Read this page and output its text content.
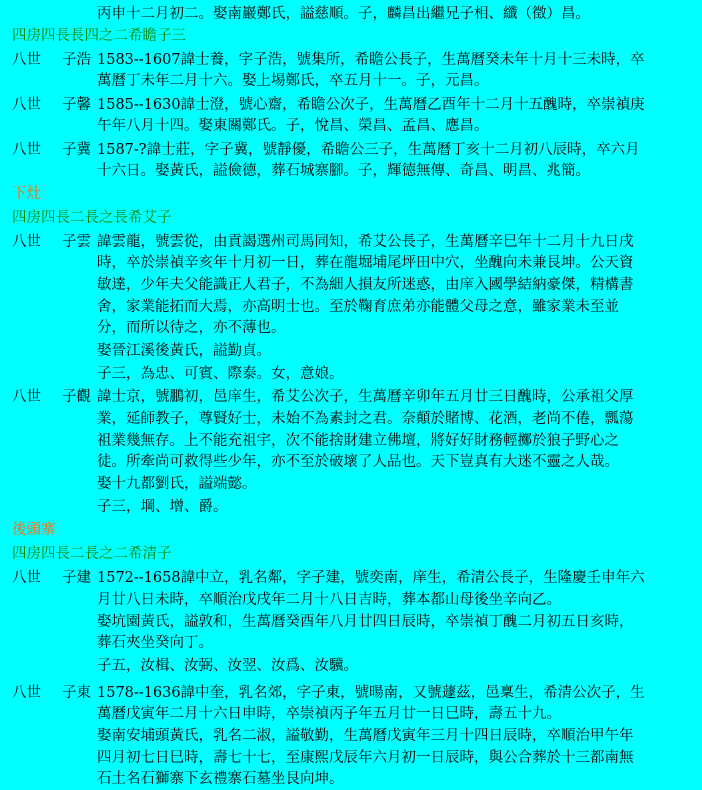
丙申十二月初二。娶南巖鄭氏，謚慈順。子，麟昌出繼兄子相、纖（徵）昌。
四房四長長四之二希瞻子三
八世 子浩 1583--1607諱士養，字子浩，號集所，希瞻公長子，生萬曆癸未年十月十三未時，卒
萬曆丁未年二月十六。娶上埸鄭氏，卒五月十一。子，元昌。
八世 子馨 1585--1630諱士澄，號心齋，希瞻公次子，生萬曆乙酉年十二月十五醜時，卒崇禎庚
午年八月十四。娶東關鄭氏。子，悅昌、榮昌、孟昌、應昌。
八世 子冀 1587-?諱士莊，字子冀，號靜優，希瞻公三子，生萬曆丁亥十二月初八辰時，卒六月
十六日。娶黃氏，謚儉德，葬石城寨腳。子，輝德無傳、奇昌、明昌、兆簡。
下灶
四房四長二長之長希艾子
八世 子雲 諱雲龍，號雲從，由貢謁選州司馬同知，希艾公長子，生萬曆辛巳年十二月十九日戌
時，卒於崇禎辛亥年十月初一日，葬在龍堀埔尾坪田中穴，坐醜向未兼艮坤。公天資
敏達，少年夫父能識正人君子，不為細人損友所迷惑，由庠入國學結納豪傑，精構書
舍，家業能拓而大焉，亦高明士也。至於鞠育庶弟亦能體父母之意，雖家業未至並
分，而所以待之，亦不薄也。
娶晉江溪後黃氏，謚勤貞。
子三，為忠、可賓、際泰。女，意娘。
八世 子觀 諱士京，號鵬初，邑庠生，希艾公次子，生萬曆辛卯年五月廿三日醜時，公承祖父厚
業，延師教子，尊賢好士，未始不為素封之君。奈顛於賭博、花酒，老尚不倦，瓢蕩
祖業幾無存。上不能充祖宇，次不能捨財建立佛壇，將好好財務輕擲於狼子野心之
徒。所牽尚可救得些少年，亦不至於破壞了人品也。天下豈真有大迷不靈之人哉。
娶十九都劉氏，謚端懿。
子三，堈、增、爵。
後頭寨
四房四長二長之二希清子
八世 子建 1572--1658諱中立，乳名鄰，字子建，號奕南，庠生，希清公長子，生隆慶壬申年六
月廿八日未時，卒順治戊戌年二月十八日吉時，葬本都山母後坐辛向乙。
娶坑園黃氏，謚敦和，生萬曆癸酉年八月廿四日辰時，卒崇禎丁醜二月初五日亥時，
葬石夾坐癸向丁。
子五，汝楫、汝弼、汝翌、汝爲、汝驥。
八世 子東 1578--1636諱中奎，乳名郊，字子東，號暘南，又號蘧茲，邑稟生，希清公次子，生
萬曆戊寅年二月十六日申時，卒崇禎丙子年五月廿一日巳時，壽五十九。
娶南安埔頭黃氏，乳名二淑，謚敬勤，生萬曆戊寅年三月十四日辰時，卒順治甲午年
四月初七日巳時，壽七十七，至康熙戊辰年六月初一日辰時，與公合葬於十三都南無
石土名石獅寨下玄禮寨石墓坐艮向坤。
